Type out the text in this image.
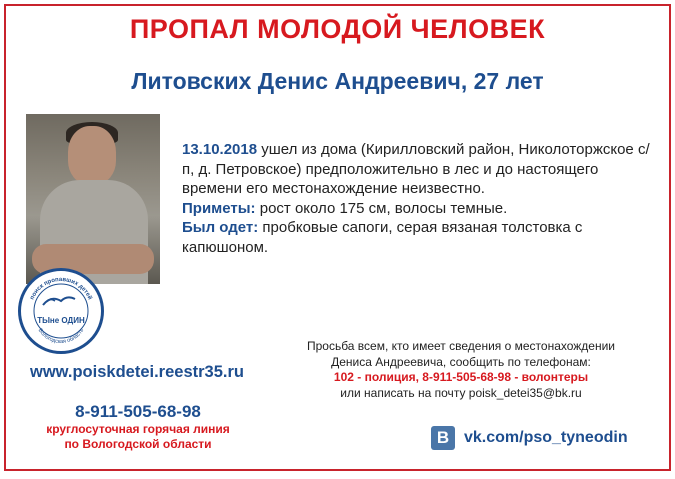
ПРОПАЛ МОЛОДОЙ ЧЕЛОВЕК
Литовских Денис Андреевич, 27 лет
поиск пропавших детей
Вологодская область
ТЫне ОДИН
13.10.2018 ушел из дома (Кирилловский район, Николоторжское с/п, д. Петровское) предположительно в лес и до настоящего времени его местонахождение неизвестно.
Приметы: рост около 175 см, волосы темные.
Был одет: пробковые сапоги, серая вязаная толстовка с капюшоном.
www.poiskdetei.reestr35.ru
8-911-505-68-98
круглосуточная горячая линия
по Вологодской области
Просьба всем, кто имеет сведения о местонахождении
Дениса Андреевича, сообщить по телефонам:
102 - полиция, 8-911-505-68-98 - волонтеры
или написать на почту poisk_detei35@bk.ru
B vk.com/pso_tyneodin
